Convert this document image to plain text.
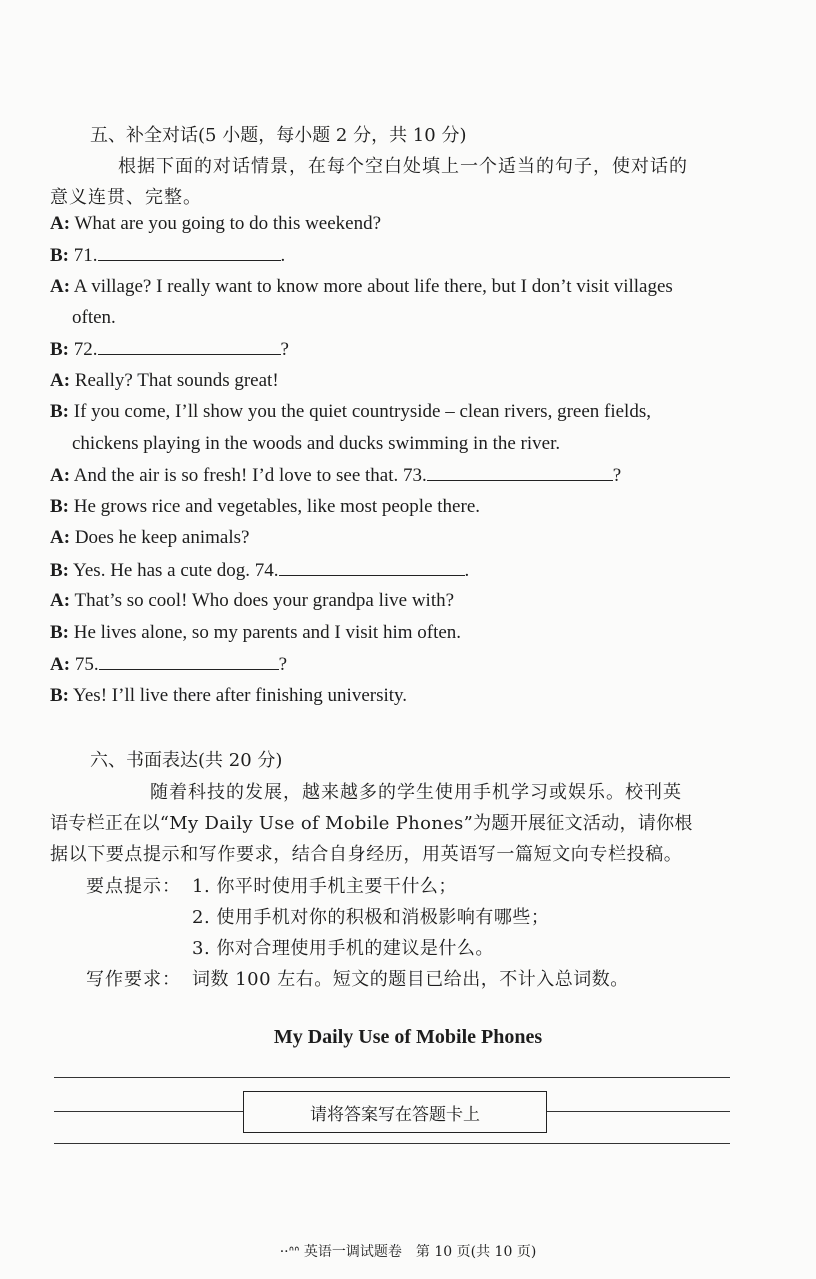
五、补全对话(5 小题，每小题 2 分，共 10 分)
根据下面的对话情景，在每个空白处填上一个适当的句子，使对话的
意义连贯、完整。
A: What are you going to do this weekend?
B: 71.	.
A: A village? I really want to know more about life there, but I don’t visit villages
often.
B: 72.	?
A: Really? That sounds great!
B: If you come, I’ll show you the quiet countryside – clean rivers, green fields,
chickens playing in the woods and ducks swimming in the river.
A: And the air is so fresh! I’d love to see that. 73.	?
B: He grows rice and vegetables, like most people there.
A: Does he keep animals?
B: Yes. He has a cute dog. 74.	.
A: That’s so cool! Who does your grandpa live with?
B: He lives alone, so my parents and I visit him often.
A: 75.	?
B: Yes! I’ll live there after finishing university.
六、书面表达(共 20 分)
随着科技的发展，越来越多的学生使用手机学习或娱乐。校刊英
语专栏正在以“My Daily Use of Mobile Phones”为题开展征文活动，请你根
据以下要点提示和写作要求，结合自身经历，用英语写一篇短文向专栏投稿。
要点提示： 1. 你平时使用手机主要干什么；
2. 使用手机对你的积极和消极影响有哪些；
3. 你对合理使用手机的建议是什么。
写作要求： 词数 100 左右。短文的题目已给出，不计入总词数。
My Daily Use of Mobile Phones
请将答案写在答题卡上
··ᐢᐢ 英语一调试题卷　第 10 页(共 10 页)
